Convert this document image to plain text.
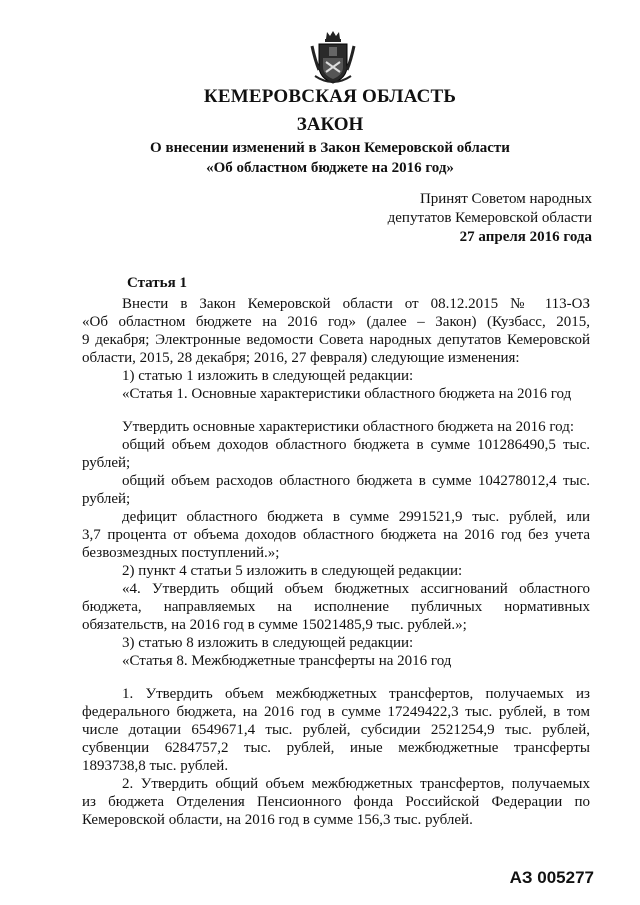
КЕМЕРОВСКАЯ ОБЛАСТЬ
ЗАКОН
О внесении изменений в Закон Кемеровской области
«Об областном бюджете на 2016 год»
Принят Советом народных
депутатов Кемеровской области
27 апреля 2016 года
Статья 1

Внести в Закон Кемеровской области от 08.12.2015 № 113-ОЗ

«Об областном бюджете на 2016 год» (далее – Закон) (Кузбасс, 2015,

9 декабря; Электронные ведомости Совета народных депутатов Кемеровской

области, 2015, 28 декабря; 2016, 27 февраля) следующие изменения:

1) статью 1 изложить в следующей редакции:

«Статья 1. Основные характеристики областного бюджета на 2016 год

Утвердить основные характеристики областного бюджета на 2016 год:

общий объем доходов областного бюджета в сумме 101286490,5 тыс.

рублей;

общий объем расходов областного бюджета в сумме 104278012,4 тыс.

рублей;

дефицит областного бюджета в сумме 2991521,9 тыс. рублей, или

3,7 процента от объема доходов областного бюджета на 2016 год без учета

безвозмездных поступлений.»;

2) пункт 4 статьи 5 изложить в следующей редакции:

«4. Утвердить общий объем бюджетных ассигнований областного

бюджета, направляемых на исполнение публичных нормативных

обязательств, на 2016 год в сумме 15021485,9 тыс. рублей.»;

3) статью 8 изложить в следующей редакции:

«Статья 8. Межбюджетные трансферты на 2016 год

1. Утвердить объем межбюджетных трансфертов, получаемых из

федерального бюджета, на 2016 год в сумме 17249422,3 тыс. рублей, в том

числе дотации 6549671,4 тыс. рублей, субсидии 2521254,9 тыс. рублей,

субвенции 6284757,2 тыс. рублей, иные межбюджетные трансферты

1893738,8 тыс. рублей.

2. Утвердить общий объем межбюджетных трансфертов, получаемых

из бюджета Отделения Пенсионного фонда Российской Федерации по

Кемеровской области, на 2016 год в сумме 156,3 тыс. рублей.

АЗ 005277
